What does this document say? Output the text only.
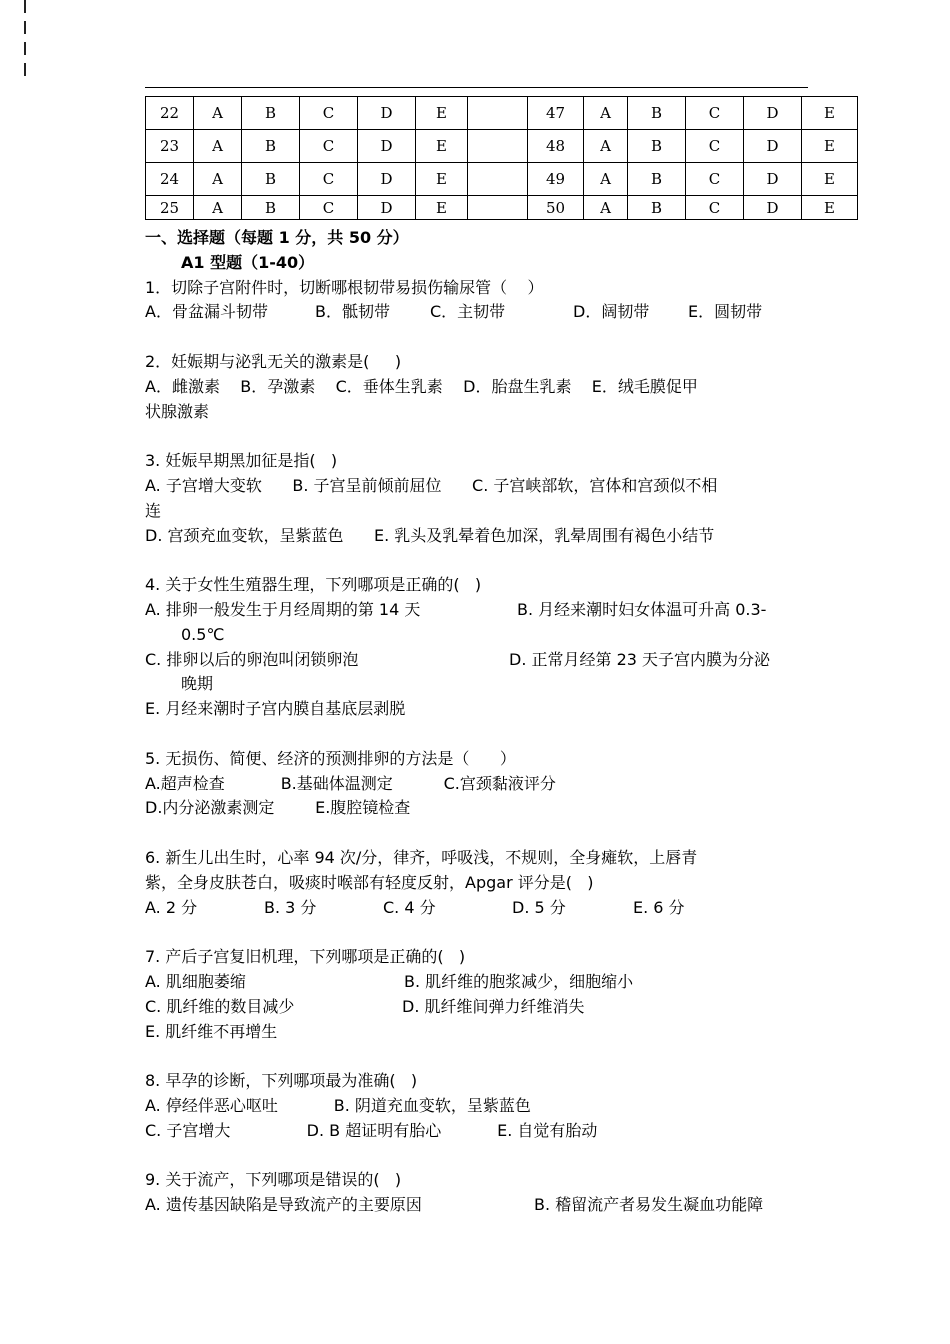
22	A	B	C	D	E		47	A	B	C	D	E
23	A	B	C	D	E		48	A	B	C	D	E
24	A	B	C	D	E		49	A	B	C	D	E
25	A	B	C	D	E		50	A	B	C	D	E

一、选择题（每题 1 分，共 50 分）

A1 型题（1-40）

1．切除子宫附件时，切断哪根韧带易损伤输尿管（    ）

A．骨盆漏斗韧带	B．骶韧带	C．主韧带	D．阔韧带	E．圆韧带

2．妊娠期与泌乳无关的激素是(     )

A．雌激素    B．孕激素    C．垂体生乳素    D．胎盘生乳素    E．绒毛膜促甲

状腺激素

3. 妊娠早期黑加征是指(   )

A. 子宫增大变软      B. 子宫呈前倾前屈位      C. 子宫峡部软，宫体和宫颈似不相

连

D. 宫颈充血变软，呈紫蓝色      E. 乳头及乳晕着色加深，乳晕周围有褐色小结节

4. 关于女性生殖器生理，下列哪项是正确的(   )

A. 排卵一般发生于月经周期的第 14 天	B. 月经来潮时妇女体温可升高 0.3-

0.5℃

C. 排卵以后的卵泡叫闭锁卵泡	D. 正常月经第 23 天子宫内膜为分泌

晚期

E. 月经来潮时子宫内膜自基底层剥脱

5. 无损伤、简便、经济的预测排卵的方法是（      ）

A.超声检查           B.基础体温测定          C.宫颈黏液评分

D.内分泌激素测定        E.腹腔镜检查

6. 新生儿出生时，心率 94 次/分，律齐，呼吸浅，不规则，全身瘫软，上唇青

紫，全身皮肤苍白，吸痰时喉部有轻度反射，Apgar 评分是(   )

A. 2 分	B. 3 分	C. 4 分	D. 5 分	E. 6 分

7. 产后子宫复旧机理，下列哪项是正确的(   )

A. 肌细胞萎缩	B. 肌纤维的胞浆减少，细胞缩小
C. 肌纤维的数目减少	D. 肌纤维间弹力纤维消失

E. 肌纤维不再增生

8. 早孕的诊断，下列哪项最为准确(   )

A. 停经伴恶心呕吐           B. 阴道充血变软，呈紫蓝色

C. 子宫增大               D. B 超证明有胎心           E. 自觉有胎动

9. 关于流产，下列哪项是错误的(   )

A. 遗传基因缺陷是导致流产的主要原因	B. 稽留流产者易发生凝血功能障
